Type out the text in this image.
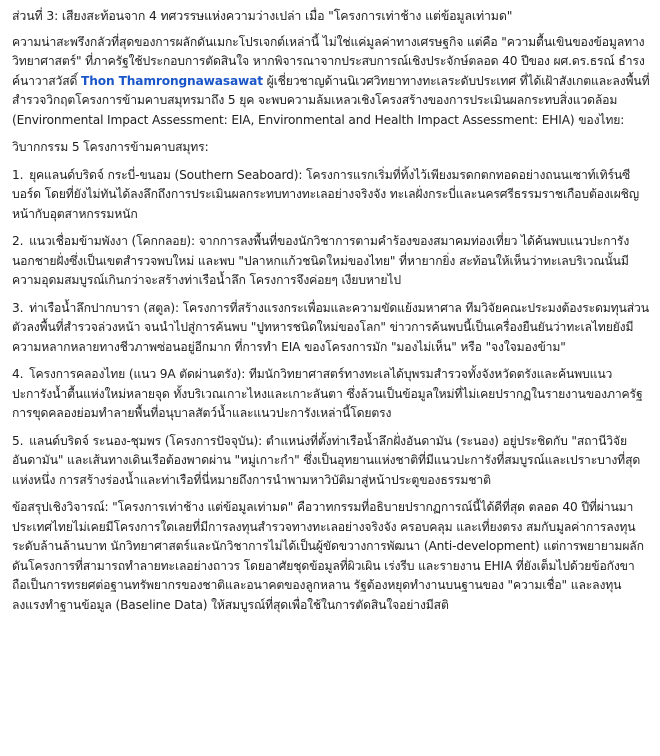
ส่วนที่ 3: เสียงสะท้อนจาก 4 ทศวรรษแห่งความว่างเปล่า เมื่อ "โครงการเท่าช้าง แต่ข้อมูลเท่ามด"

ความน่าสะพรึงกลัวที่สุดของการผลักดันเมกะโปรเจกต์เหล่านี้ ไม่ใช่แค่มูลค่าทางเศรษฐกิจ แต่คือ "ความตื้นเขินของข้อมูลทางวิทยาศาสตร์" ที่ภาครัฐใช้ประกอบการตัดสินใจ หากพิจารณาจากประสบการณ์เชิงประจักษ์ตลอด 40 ปีของ ผศ.ดร.ธรณ์ ธำรงค์นาวาสวัสดิ์ Thon Thamrongnawasawat ผู้เชี่ยวชาญด้านนิเวศวิทยาทางทะเลระดับประเทศ ที่ได้เฝ้าสังเกตและลงพื้นที่สำรวจวิกฤตโครงการข้ามคาบสมุทรมาถึง 5 ยุค จะพบความล้มเหลวเชิงโครงสร้างของการประเมินผลกระทบสิ่งแวดล้อม (Environmental Impact Assessment: EIA, Environmental and Health Impact Assessment: EHIA) ของไทย:

วิบากกรรม 5 โครงการข้ามคาบสมุทร:

1. ยุคแลนด์บริดจ์ กระบี่-ขนอม (Southern Seaboard): โครงการแรกเริ่มที่ทิ้งไว้เพียงมรดกตกทอดอย่างถนนเซาท์เทิร์นซีบอร์ด โดยที่ยังไม่ทันได้ลงลึกถึงการประเมินผลกระทบทางทะเลอย่างจริงจัง ทะเลฝั่งกระบี่และนครศรีธรรมราชเกือบต้องเผชิญหน้ากับอุตสาหกรรมหนัก

2. แนวเชื่อมข้ามพังงา (โคกกลอย): จากการลงพื้นที่ของนักวิชาการตามคำร้องของสมาคมท่องเที่ยว ได้ค้นพบแนวปะการังนอกชายฝั่งซึ่งเป็นเขตสำรวจพบใหม่ และพบ "ปลาหกแก้วชนิดใหม่ของไทย" ที่หายากยิ่ง สะท้อนให้เห็นว่าทะเลบริเวณนั้นมีความอุดมสมบูรณ์เกินกว่าจะสร้างท่าเรือน้ำลึก โครงการจึงค่อยๆ เงียบหายไป

3. ท่าเรือน้ำลึกปากบารา (สตูล): โครงการที่สร้างแรงกระเพื่อมและความขัดแย้งมหาศาล ทีมวิจัยคณะประมงต้องระดมทุนส่วนตัวลงพื้นที่สำรวจล่วงหน้า จนนำไปสู่การค้นพบ "ปูทหารชนิดใหม่ของโลก" ข่าวการค้นพบนี้เป็นเครื่องยืนยันว่าทะเลไทยยังมีความหลากหลายทางชีวภาพซ่อนอยู่อีกมาก ที่การทำ EIA ของโครงการมัก "มองไม่เห็น" หรือ "จงใจมองข้าม"

4. โครงการคลองไทย (แนว 9A ตัดผ่านตรัง): ทีมนักวิทยาศาสตร์ทางทะเลได้บุพรมสำรวจทั้งจังหวัดตรังและค้นพบแนวปะการังน้ำตื้นแห่งใหม่หลายจุด ทั้งบริเวณเกาะไหงและเกาะลันตา ซึ่งล้วนเป็นข้อมูลใหม่ที่ไม่เคยปรากฏในรายงานของภาครัฐ การขุดคลองย่อมทำลายพื้นที่อนุบาลสัตว์น้ำและแนวปะการังเหล่านี้โดยตรง

5. แลนด์บริดจ์ ระนอง-ชุมพร (โครงการปัจจุบัน): ตำแหน่งที่ตั้งท่าเรือน้ำลึกฝั่งอันดามัน (ระนอง) อยู่ประชิดกับ "สถานีวิจัยอันดามัน" และเส้นทางเดินเรือต้องพาดผ่าน "หมู่เกาะกำ" ซึ่งเป็นอุทยานแห่งชาติที่มีแนวปะการังที่สมบูรณ์และเปราะบางที่สุดแห่งหนึ่ง การสร้างร่องน้ำและท่าเรือที่นี่หมายถึงการนำพามหาวิบัติมาสู่หน้าประตูของธรรมชาติ

ข้อสรุปเชิงวิจารณ์: "โครงการเท่าช้าง แต่ข้อมูลเท่ามด" คือวาทกรรมที่อธิบายปรากฏการณ์นี้ได้ดีที่สุด ตลอด 40 ปีที่ผ่านมา ประเทศไทยไม่เคยมีโครงการใดเลยที่มีการลงทุนสำรวจทางทะเลอย่างจริงจัง ครอบคลุม และเที่ยงตรง สมกับมูลค่าการลงทุนระดับล้านล้านบาท นักวิทยาศาสตร์และนักวิชาการไม่ได้เป็นผู้ขัดขวางการพัฒนา (Anti-development) แต่การพยายามผลักดันโครงการที่สามารถทำลายทะเลอย่างถาวร โดยอาศัยชุดข้อมูลที่ผิวเผิน เร่งรีบ และรายงาน EHIA ที่ยังเต็มไปด้วยข้อกังขา ถือเป็นการทรยศต่อฐานทรัพยากรของชาติและอนาคตของลูกหลาน รัฐต้องหยุดทำงานบนฐานของ "ความเชื่อ" และลงทุนลงแรงทำฐานข้อมูล (Baseline Data) ให้สมบูรณ์ที่สุดเพื่อใช้ในการตัดสินใจอย่างมีสติ
